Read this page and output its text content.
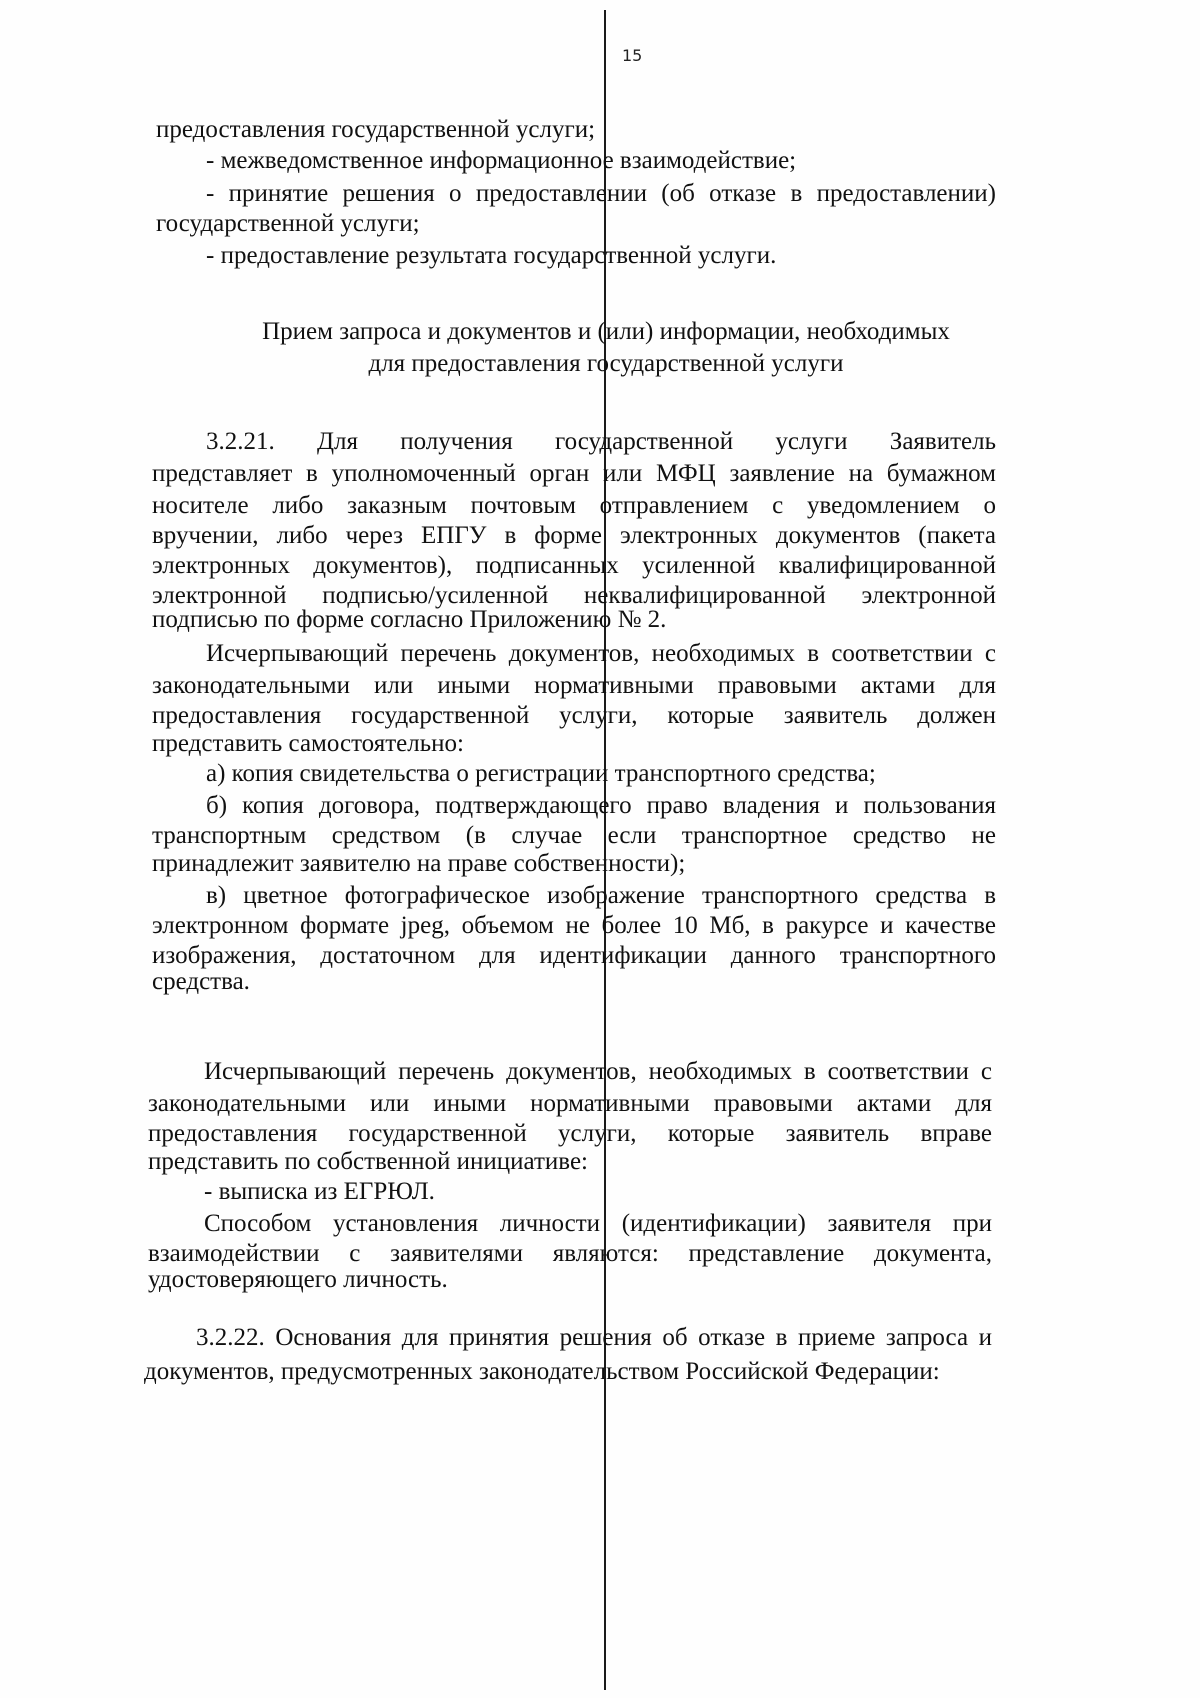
15
предоставления государственной услуги;
- межведомственное информационное взаимодействие;
- принятие решения о предоставлении (об отказе в предоставлении)
государственной услуги;
- предоставление результата государственной услуги.
Прием запроса и документов и (или) информации, необходимых
для предоставления государственной услуги
3.2.21. Для получения государственной услуги Заявитель
представляет в уполномоченный орган или МФЦ заявление на бумажном
носителе либо заказным почтовым отправлением с уведомлением о
вручении, либо через ЕПГУ в форме электронных документов (пакета
электронных документов), подписанных усиленной квалифицированной
электронной подписью/усиленной неквалифицированной электронной
подписью по форме согласно Приложению № 2.
Исчерпывающий перечень документов, необходимых в соответствии с
законодательными или иными нормативными правовыми актами для
предоставления государственной услуги, которые заявитель должен
представить самостоятельно:
а) копия свидетельства о регистрации транспортного средства;
б) копия договора, подтверждающего право владения и пользования
транспортным средством (в случае если транспортное средство не
принадлежит заявителю на праве собственности);
в) цветное фотографическое изображение транспортного средства в
электронном формате jpeg, объемом не более 10 Мб, в ракурсе и качестве
изображения, достаточном для идентификации данного транспортного
средства.
Исчерпывающий перечень документов, необходимых в соответствии с
законодательными или иными нормативными правовыми актами для
предоставления государственной услуги, которые заявитель вправе
представить по собственной инициативе:
- выписка из ЕГРЮЛ.
Способом установления личности (идентификации) заявителя при
взаимодействии с заявителями являются: представление документа,
удостоверяющего личность.
3.2.22. Основания для принятия решения об отказе в приеме запроса и
документов, предусмотренных законодательством Российской Федерации:
